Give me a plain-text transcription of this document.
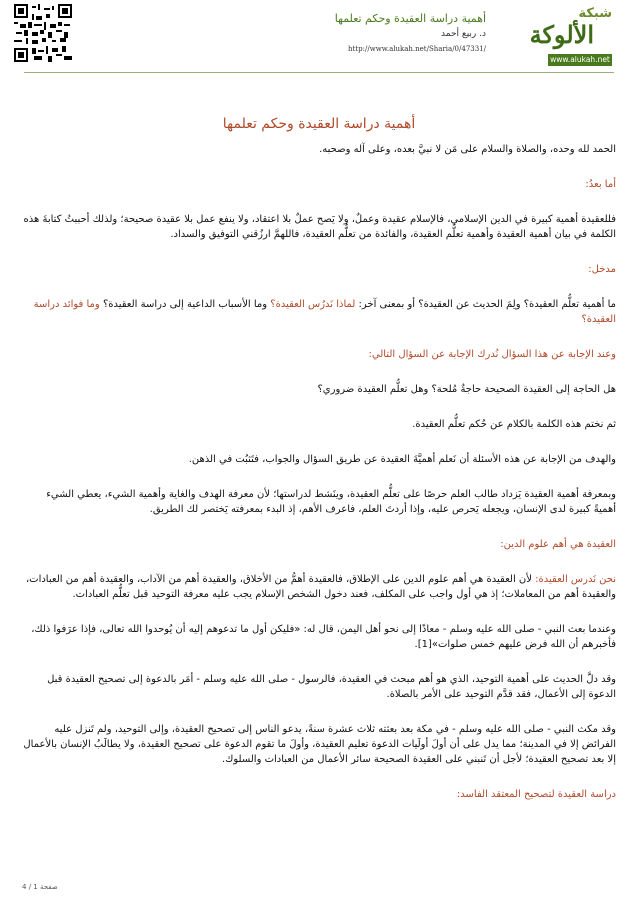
أهمية دراسة العقيدة وحكم تعلمها
د. ربيع أحمد
http://www.alukah.net/Sharia/0/47331/
شبكة
الألوكة
www.alukah.net
أهمية دراسة العقيدة وحكم تعلمها

الحمد لله وحده، والصلاة والسلام على مَن لا نبيَّ بعده، وعلى آله وصحبه.

أما بعدُ:

فللعقيدة أهمية كبيرة في الدين الإسلامي، فالإسلام عقيدة وعملٌ، ولا يَصح عملٌ بلا اعتقاد، ولا ينفع عمل بلا عقيدة صحيحة؛ ولذلك أحببتُ كتابةَ هذه الكلمة في بيان أهمية العقيدة وأهمية تعلُّم العقيدة، والفائدة من تعلُّم العقيدة، فاللهمَّ ارزُقني التوفيق والسداد.

مدخل:

ما أهمية تعلُّم العقيدة؟ ولِمَ الحديث عن العقيدة؟ أو بمعنى آخر: لماذا نَدرُس العقيدة؟ وما الأسباب الداعية إلى دراسة العقيدة؟ وما فوائد دراسة العقيدة؟

وعند الإجابة عن هذا السؤال نُدرك الإجابة عن السؤال التالي:

هل الحاجة إلى العقيدة الصحيحة حاجةٌ مُلحة؟ وهل تعلُّم العقيدة ضروري؟

ثم نختم هذه الكلمة بالكلام عن حُكم تعلُّم العقيدة.

والهدف من الإجابة عن هذه الأسئلة أن نَعلم أهميَّةَ العقيدة عن طريق السؤال والجواب، فتَثبُت في الذهن.

وبمعرفة أهمية العقيدة يَزداد طالب العلم حرصًا على تعلُّم العقيدة، وينَشط لدراستها؛ لأن معرفة الهدف والغاية وأهمية الشيء، يعطي الشيء أهميةً كبيرة لدى الإنسان، ويجعله يَحرص عليه، وإذا أردتَ العلم، فاعرف الأهم، إذ البدء بمعرفته يَختصر لك الطريق.

العقيدة هي أهم علوم الدين:

نحن نَدرس العقيدة: لأن العقيدة هي أهم علوم الدين على الإطلاق، فالعقيدة أهمُّ من الأخلاق، والعقيدة أهم من الآداب، والعقيدة أهم من العبادات، والعقيدة أهم من المعاملات؛ إذ هي أول واجب على المكلف، فعند دخول الشخص الإسلام يجب عليه معرفة التوحيد قبل تعلُّم العبادات.

وعندما بعث النبي - صلى الله عليه وسلم - معاذًا إلى نحو أهل اليمن، قال له: «فليكن أول ما تدعوهم إليه أن يُوحدوا الله تعالى، فإذا عرَفوا ذلك، فأخبرهم أن الله فرض عليهم خمس صلوات»[1].

وقد دلَّ الحديث على أهمية التوحيد، الذي هو أهم مبحث في العقيدة، فالرسول - صلى الله عليه وسلم - أمَر بالدعوة إلى تصحيح العقيدة قبل الدعوة إلى الأعمال، فقد قدَّم التوحيد على الأمر بالصلاة.

وقد مكث النبي - صلى الله عليه وسلم - في مكة بعد بعثته ثلاث عشرة سنةً، يدعو الناس إلى تصحيح العقيدة، وإلى التوحيد، ولم تَنزل عليه الفرائض إلا في المدينة؛ مما يدل على أن أولَ أولَيات الدعوة تعليم العقيدة، وأولَ ما تقوم الدعوة على تصحيح العقيدة، ولا يطالَبُ الإنسان بالأعمال إلا بعد تصحيح العقيدة؛ لأجل أن تَنبني على العقيدة الصحيحة سائر الأعمال من العبادات والسلوك.

دراسة العقيدة لتصحيح المعتقد الفاسد:

صفحة 1 / 4
